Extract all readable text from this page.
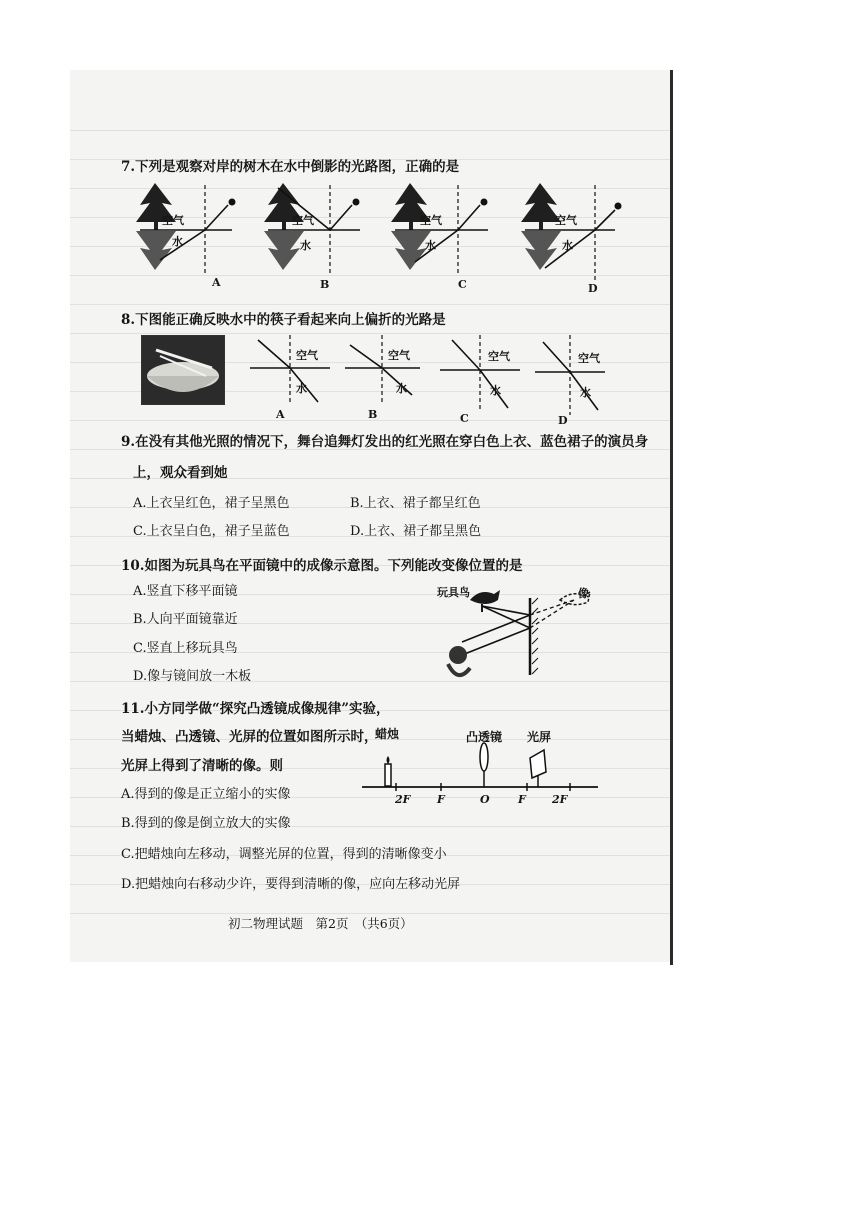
7.下列是观察对岸的树木在水中倒影的光路图，正确的是
空气
水
A
空气
水
B
空气
水
C
空气
水
D
8.下图能正确反映水中的筷子看起来向上偏折的光路是
空气
水
A
空气
水
B
空气
水
C
空气
水
D
9.在没有其他光照的情况下，舞台追舞灯发出的红光照在穿白色上衣、蓝色裙子的演员身
上，观众看到她
A.上衣呈红色，裙子呈黑色	B.上衣、裙子都呈红色
C.上衣呈白色，裙子呈蓝色	D.上衣、裙子都呈黑色
10.如图为玩具鸟在平面镜中的成像示意图。下列能改变像位置的是
A.竖直下移平面镜
B.人向平面镜靠近
C.竖直上移玩具鸟
D.像与镜间放一木板
玩具鸟	像
11.小方同学做“探究凸透镜成像规律”实验，
当蜡烛、凸透镜、光屏的位置如图所示时，
光屏上得到了清晰的像。则
A.得到的像是正立缩小的实像
B.得到的像是倒立放大的实像
C.把蜡烛向左移动，调整光屏的位置，得到的清晰像变小
D.把蜡烛向右移动少许，要得到清晰的像，应向左移动光屏
蜡烛	凸透镜 光屏
2F F	O	F 2F
初二物理试题　第2页　（共6页）
